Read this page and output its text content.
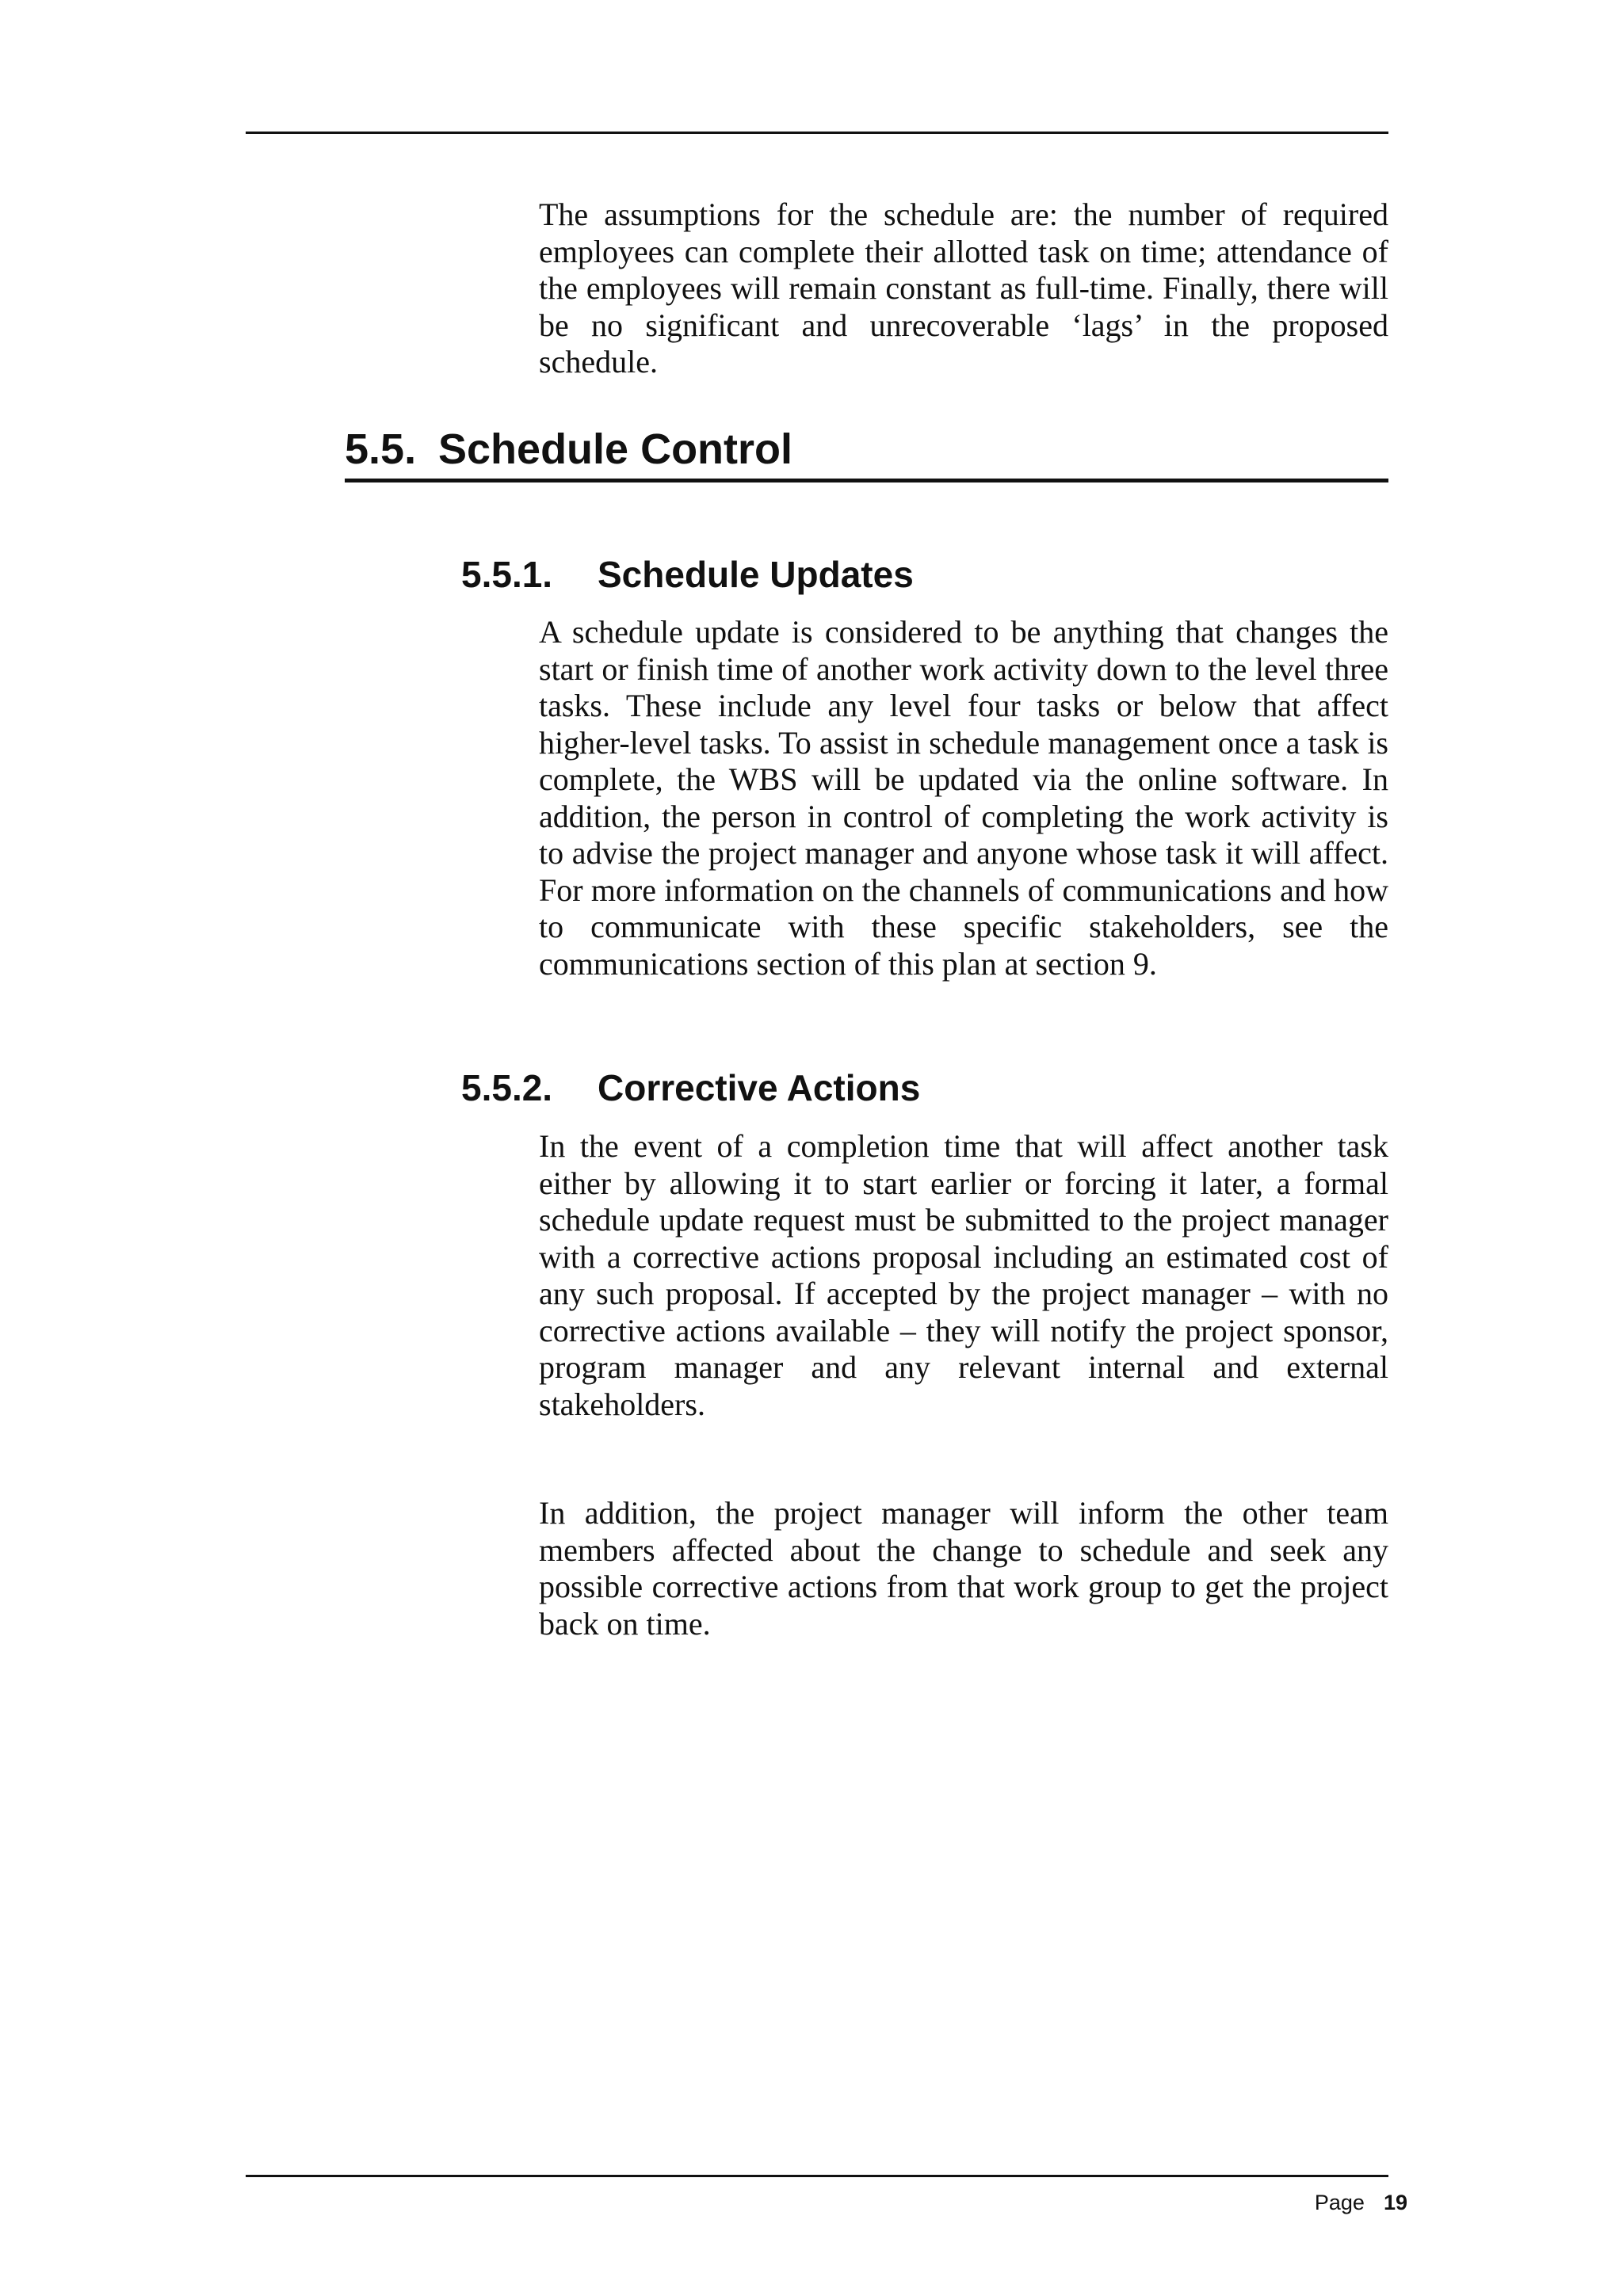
The assumptions for the schedule are: the number of required employees can complete their allotted task on time; attendance of the employees will remain constant as full-time. Finally, there will be no significant and unrecoverable ‘lags’ in the proposed schedule.

5.5. Schedule Control
5.5.1. Schedule Updates

A schedule update is considered to be anything that changes the start or finish time of another work activity down to the level three tasks. These include any level four tasks or below that affect higher-level tasks. To assist in schedule management once a task is complete, the WBS will be updated via the online software. In addition, the person in control of completing the work activity is to advise the project manager and anyone whose task it will affect. For more information on the channels of communications and how to communicate with these specific stakeholders, see the communications section of this plan at section 9.

5.5.2. Corrective Actions

In the event of a completion time that will affect another task either by allowing it to start earlier or forcing it later, a formal schedule update request must be submitted to the project manager with a corrective actions proposal including an estimated cost of any such proposal. If accepted by the project manager – with no corrective actions available – they will notify the project sponsor, program manager and any relevant internal and external stakeholders.

In addition, the project manager will inform the other team members affected about the change to schedule and seek any possible corrective actions from that work group to get the project back on time.

Page 19
